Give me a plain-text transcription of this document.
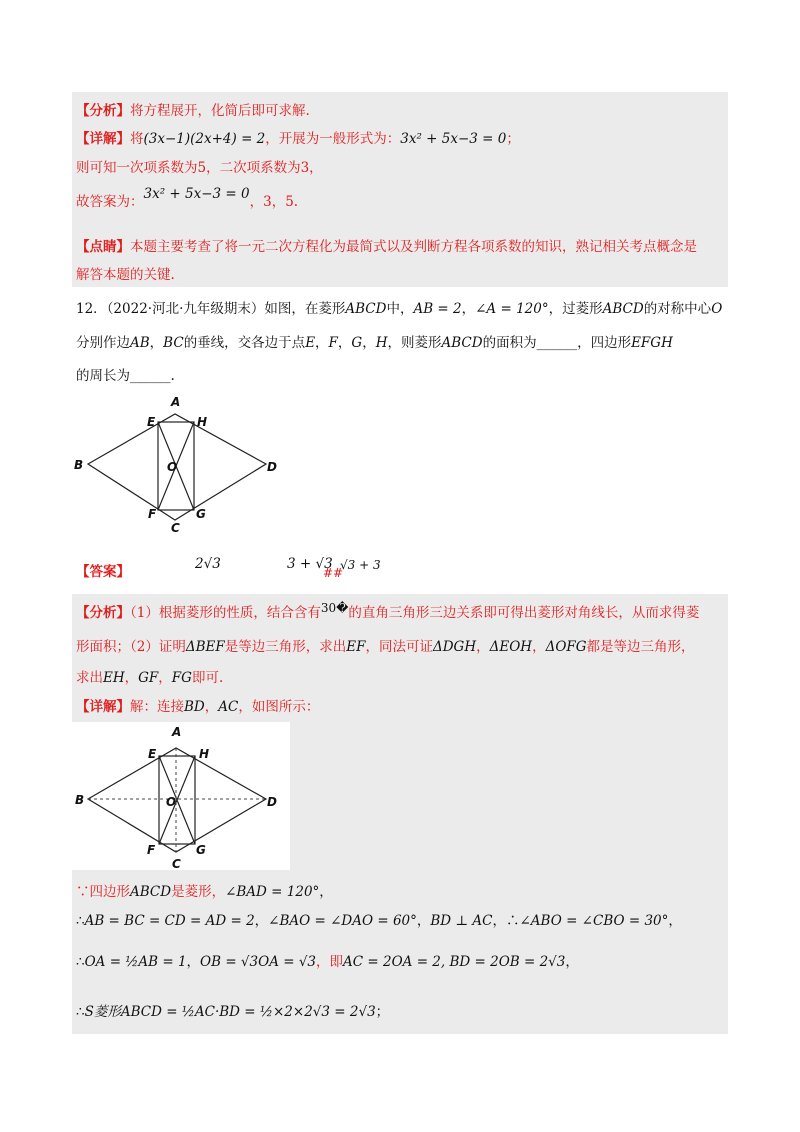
【分析】将方程展开，化简后即可求解.
【详解】将(3x−1)(2x+4) = 2，开展为一般形式为：3x² + 5x−3 = 0；
则可知一次项系数为5，二次项系数为3，
故答案为：3x² + 5x−3 = 0，3，5.
【点睛】本题主要考查了将一元二次方程化为最简式以及判断方程各项系数的知识，熟记相关考点概念是
解答本题的关键.
12．（2022·河北·九年级期末）如图，在菱形ABCD中，AB = 2，∠A = 120°，过菱形ABCD的对称中心O
分别作边AB，BC的垂线，交各边于点E，F，G，H，则菱形ABCD的面积为______，四边形EFGH
的周长为______.
A
E	H
B	O	D
F	G
C
【答案】	2√3	3 + √3
##
√3 + 3
【分析】（1）根据菱形的性质，结合含有30�的直角三角形三边关系即可得出菱形对角线长，从而求得菱
形面积；（2）证明ΔBEF是等边三角形，求出EF，同法可证ΔDGH，ΔEOH，ΔOFG都是等边三角形，
求出EH，GF，FG即可.
【详解】解：连接BD，AC，如图所示：
A
E	H
B	O	D
F	G
C
∵四边形ABCD是菱形，∠BAD = 120°，
∴AB = BC = CD = AD = 2，∠BAO = ∠DAO = 60°，BD ⊥ AC，∴∠ABO = ∠CBO = 30°，
∴OA = ½AB = 1，OB = √3OA = √3，即AC = 2OA = 2, BD = 2OB = 2√3，
∴S菱形ABCD = ½AC·BD = ½×2×2√3 = 2√3；
